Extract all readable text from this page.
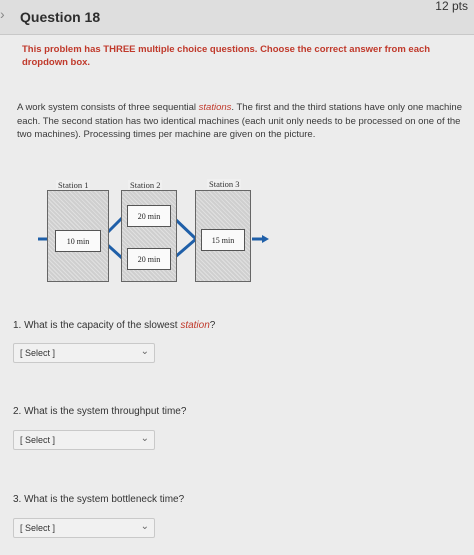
› Question 18
12 pts
This problem has THREE multiple choice questions. Choose the correct answer from each dropdown box.
A work system consists of three sequential stations. The first and the third stations have only one machine each. The second station has two identical machines (each unit only needs to be processed on one of the two machines). Processing times per machine are given on the picture.
Station 1
10 min
Station 2
20 min
20 min
Station 3
15 min
1. What is the capacity of the slowest station?
[ Select ]	⌄
2. What is the system throughput time?
[ Select ]	⌄
3. What is the system bottleneck time?
[ Select ]	⌄
